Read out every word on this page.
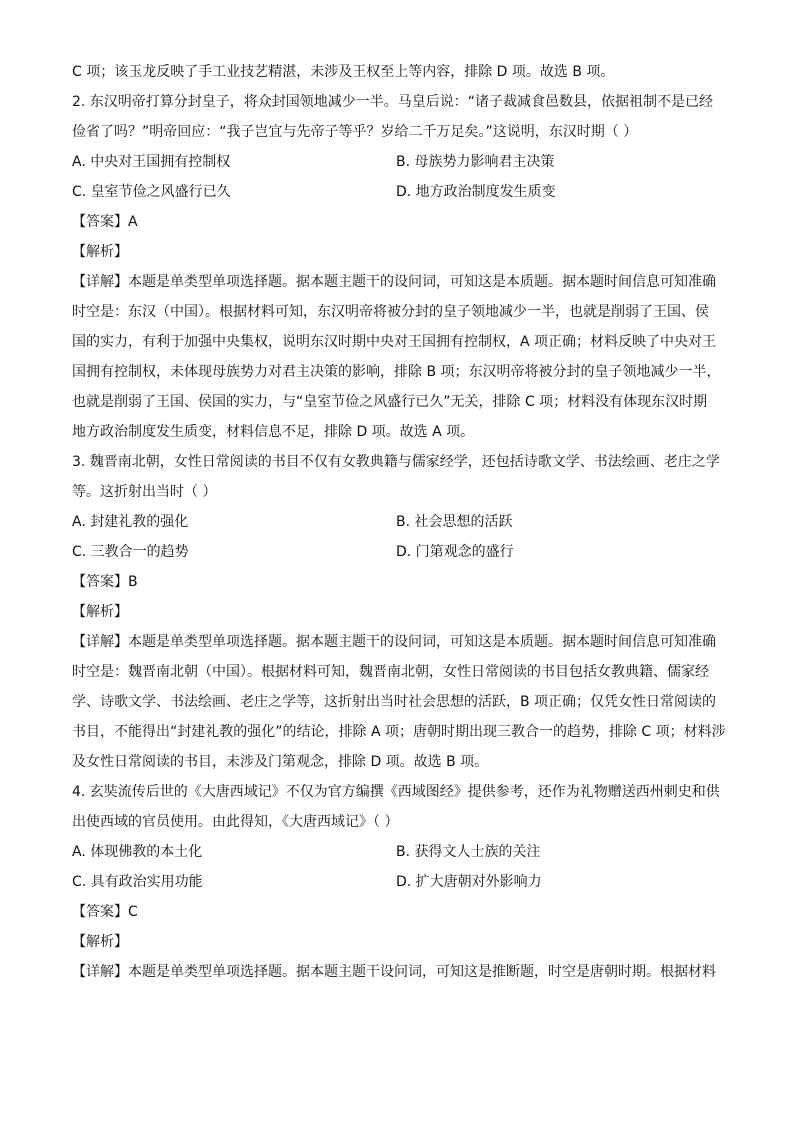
C 项；该玉龙反映了手工业技艺精湛，未涉及王权至上等内容，排除 D 项。故选 B 项。
2. 东汉明帝打算分封皇子，将众封国领地减少一半。马皇后说：“诸子裁减食邑数县，依据祖制不是已经
俭省了吗？”明帝回应：“我子岂宜与先帝子等乎？岁给二千万足矣。”这说明，东汉时期（ ）
A. 中央对王国拥有控制权	B. 母族势力影响君主决策
C. 皇室节俭之风盛行已久	D. 地方政治制度发生质变
【答案】A
【解析】
【详解】本题是单类型单项选择题。据本题主题干的设问词，可知这是本质题。据本题时间信息可知准确
时空是：东汉（中国）。根据材料可知，东汉明帝将被分封的皇子领地减少一半，也就是削弱了王国、侯
国的实力，有利于加强中央集权，说明东汉时期中央对王国拥有控制权，A 项正确；材料反映了中央对王
国拥有控制权，未体现母族势力对君主决策的影响，排除 B 项；东汉明帝将被分封的皇子领地减少一半，
也就是削弱了王国、侯国的实力，与“皇室节俭之风盛行已久”无关，排除 C 项；材料没有体现东汉时期
地方政治制度发生质变，材料信息不足，排除 D 项。故选 A 项。
3. 魏晋南北朝，女性日常阅读的书目不仅有女教典籍与儒家经学，还包括诗歌文学、书法绘画、老庄之学
等。这折射出当时（ ）
A. 封建礼教的强化	B. 社会思想的活跃
C. 三教合一的趋势	D. 门第观念的盛行
【答案】B
【解析】
【详解】本题是单类型单项选择题。据本题主题干的设问词，可知这是本质题。据本题时间信息可知准确
时空是：魏晋南北朝（中国）。根据材料可知，魏晋南北朝，女性日常阅读的书目包括女教典籍、儒家经
学、诗歌文学、书法绘画、老庄之学等，这折射出当时社会思想的活跃，B 项正确；仅凭女性日常阅读的
书目，不能得出“封建礼教的强化”的结论，排除 A 项；唐朝时期出现三教合一的趋势，排除 C 项；材料涉
及女性日常阅读的书目，未涉及门第观念，排除 D 项。故选 B 项。
4. 玄奘流传后世的《大唐西域记》不仅为官方编撰《西域图经》提供参考，还作为礼物赠送西州刺史和供
出使西域的官员使用。由此得知，《大唐西域记》（ ）
A. 体现佛教的本土化	B. 获得文人士族的关注
C. 具有政治实用功能	D. 扩大唐朝对外影响力
【答案】C
【解析】
【详解】本题是单类型单项选择题。据本题主题干设问词，可知这是推断题，时空是唐朝时期。根据材料
